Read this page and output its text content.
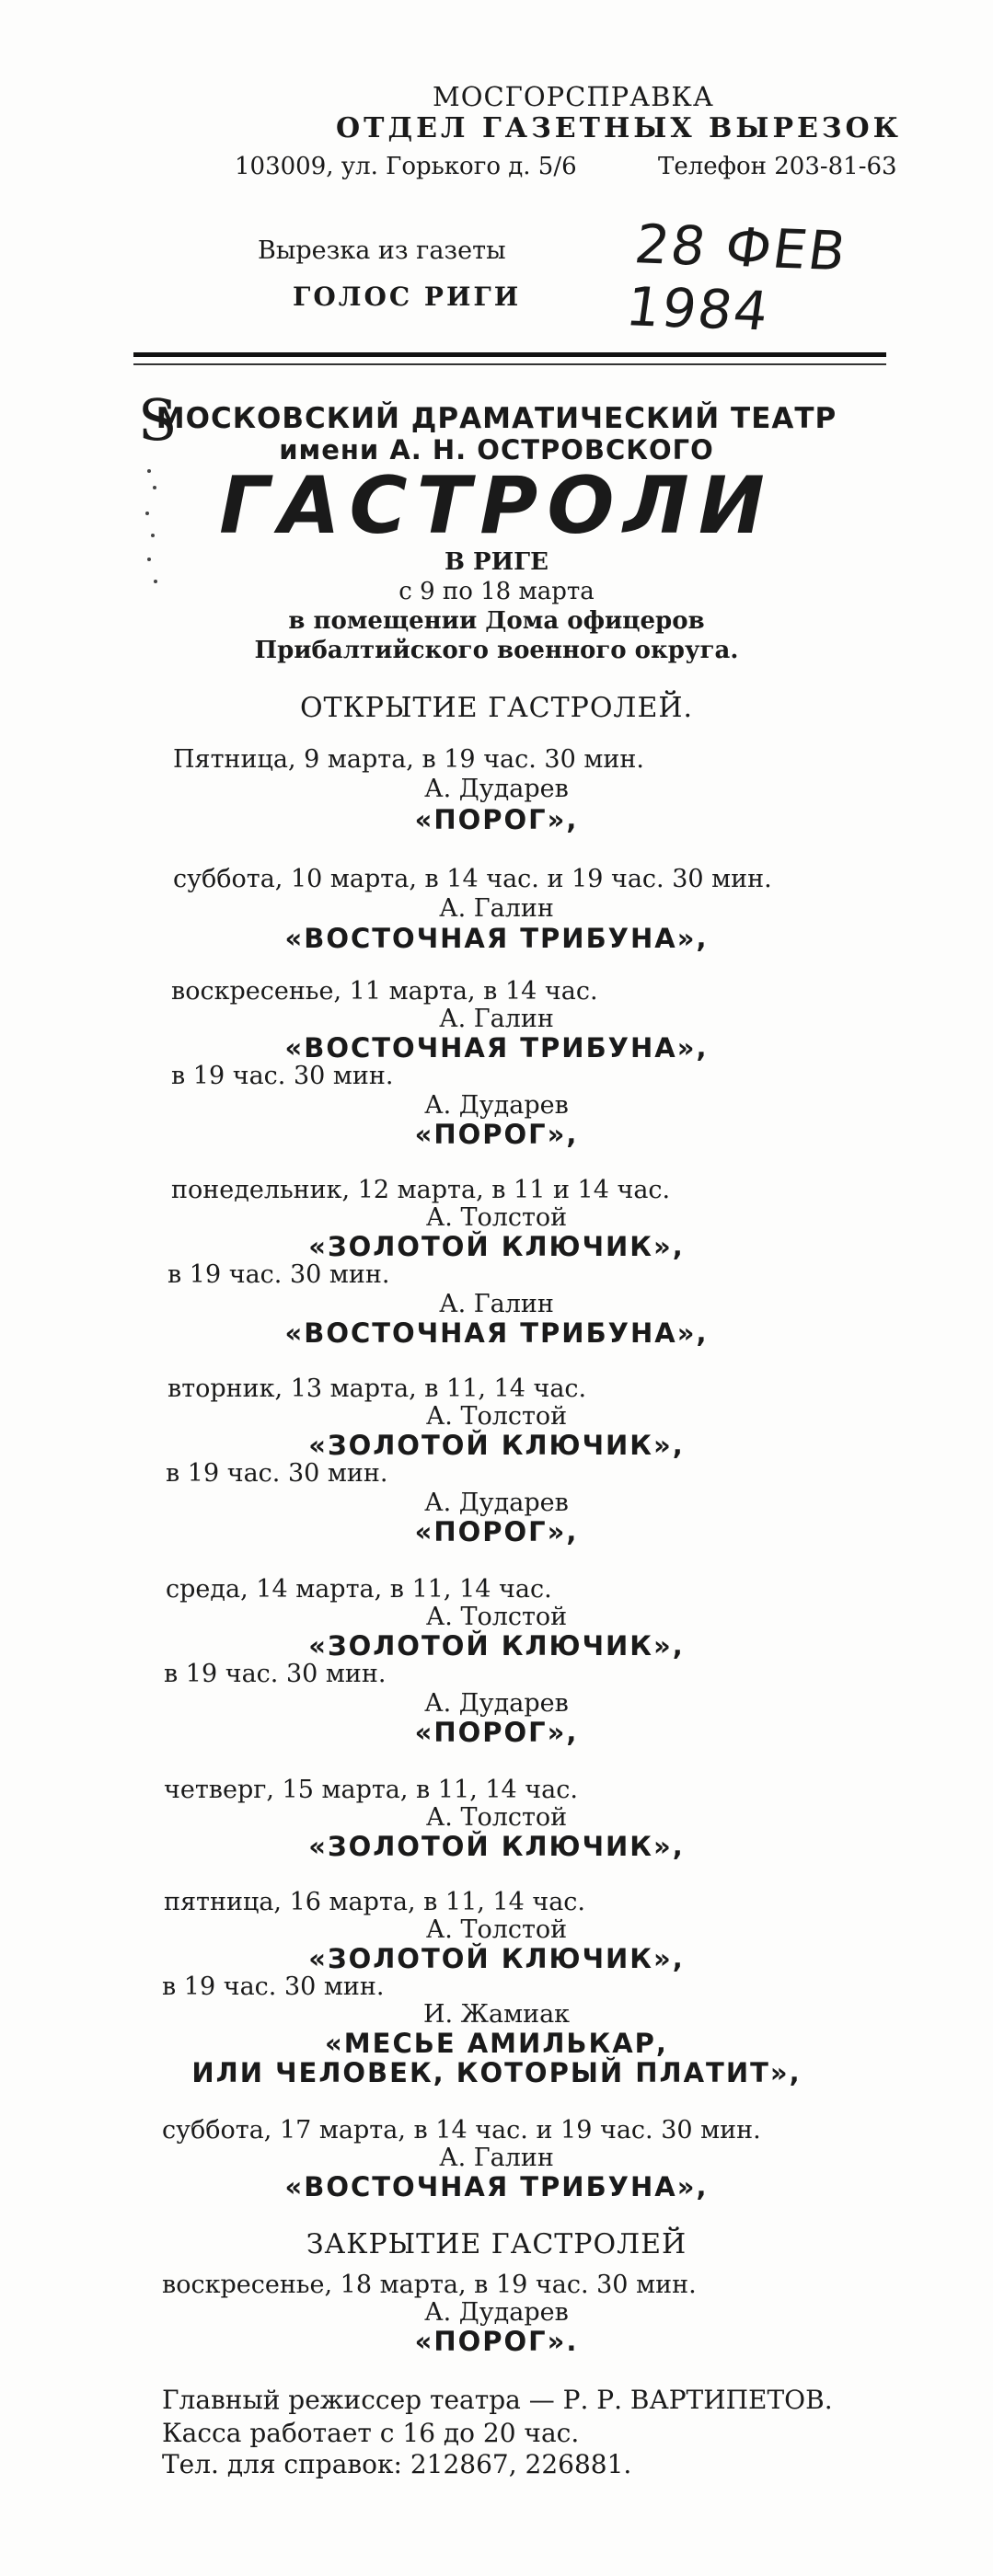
МОСГОРСПРАВКА
ОТДЕЛ ГАЗЕТНЫХ ВЫРЕЗОК
103009, ул. Горького д. 5/6	Телефон 203-81-63
Вырезка из газеты
ГОЛОС РИГИ
28 ФЕВ 1984
S
МОСКОВСКИЙ ДРАМАТИЧЕСКИЙ ТЕАТР
имени А. Н. ОСТРОВСКОГО
ГАСТРОЛИ
В РИГЕ
с 9 по 18 марта
в помещении Дома офицеров
Прибалтийского военного округа.
ОТКРЫТИЕ ГАСТРОЛЕЙ.
Пятница, 9 марта, в 19 час. 30 мин.
А. Дударев
«ПОРОГ»,
суббота, 10 марта, в 14 час. и 19 час. 30 мин.
А. Галин
«ВОСТОЧНАЯ ТРИБУНА»,
воскресенье, 11 марта, в 14 час.
А. Галин
«ВОСТОЧНАЯ ТРИБУНА»,
в 19 час. 30 мин.
А. Дударев
«ПОРОГ»,
понедельник, 12 марта, в 11 и 14 час.
А. Толстой
«ЗОЛОТОЙ КЛЮЧИК»,
в 19 час. 30 мин.
А. Галин
«ВОСТОЧНАЯ ТРИБУНА»,
вторник, 13 марта, в 11, 14 час.
А. Толстой
«ЗОЛОТОЙ КЛЮЧИК»,
в 19 час. 30 мин.
А. Дударев
«ПОРОГ»,
среда, 14 марта, в 11, 14 час.
А. Толстой
«ЗОЛОТОЙ КЛЮЧИК»,
в 19 час. 30 мин.
А. Дударев
«ПОРОГ»,
четверг, 15 марта, в 11, 14 час.
А. Толстой
«ЗОЛОТОЙ КЛЮЧИК»,
пятница, 16 марта, в 11, 14 час.
А. Толстой
«ЗОЛОТОЙ КЛЮЧИК»,
в 19 час. 30 мин.
И. Жамиак
«МЕСЬЕ АМИЛЬКАР,
ИЛИ ЧЕЛОВЕК, КОТОРЫЙ ПЛАТИТ»,
суббота, 17 марта, в 14 час. и 19 час. 30 мин.
А. Галин
«ВОСТОЧНАЯ ТРИБУНА»,
ЗАКРЫТИЕ ГАСТРОЛЕЙ
воскресенье, 18 марта, в 19 час. 30 мин.
А. Дударев
«ПОРОГ».
Главный режиссер театра — Р. Р. ВАРТИПЕТОВ.
Касса работает с 16 до 20 час.
Тел. для справок: 212867, 226881.
